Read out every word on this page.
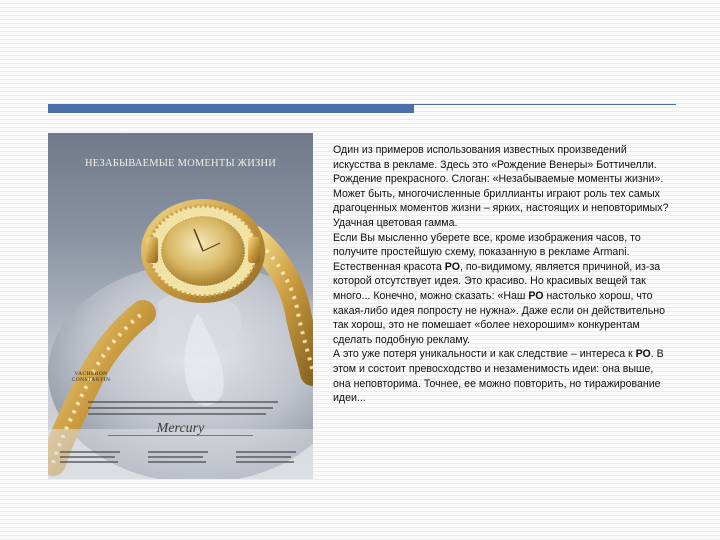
НЕЗАБЫВАЕМЫЕ МОМЕНТЫ ЖИЗНИ
VACHERON CONSTANTIN
Mercury

Один из примеров использования известных произведений искусства в рекламе. Здесь это «Рождение Венеры» Боттичелли. Рождение прекрасного. Слоган: «Незабываемые моменты жизни». Может быть, многочисленные бриллианты играют роль тех самых драгоценных моментов жизни – ярких, настоящих и неповторимых? Удачная цветовая гамма.

Если Вы мысленно уберете все, кроме изображения часов, то получите простейшую схему, показанную в рекламе Armani. Естественная красота РО, по-видимому, является причиной, из-за которой отсутствует идея. Это красиво. Но красивых вещей так много... Конечно, можно сказать: «Наш РО настолько хорош, что какая-либо идея попросту не нужна». Даже если он действительно так хорош, это не помешает «более нехорошим» конкурентам сделать подобную рекламу.

А это уже потеря уникальности и как следствие – интереса к РО. В этом и состоит превосходство и незаменимость идеи: она выше, она неповторима. Точнее, ее можно повторить, но тиражирование идеи...
